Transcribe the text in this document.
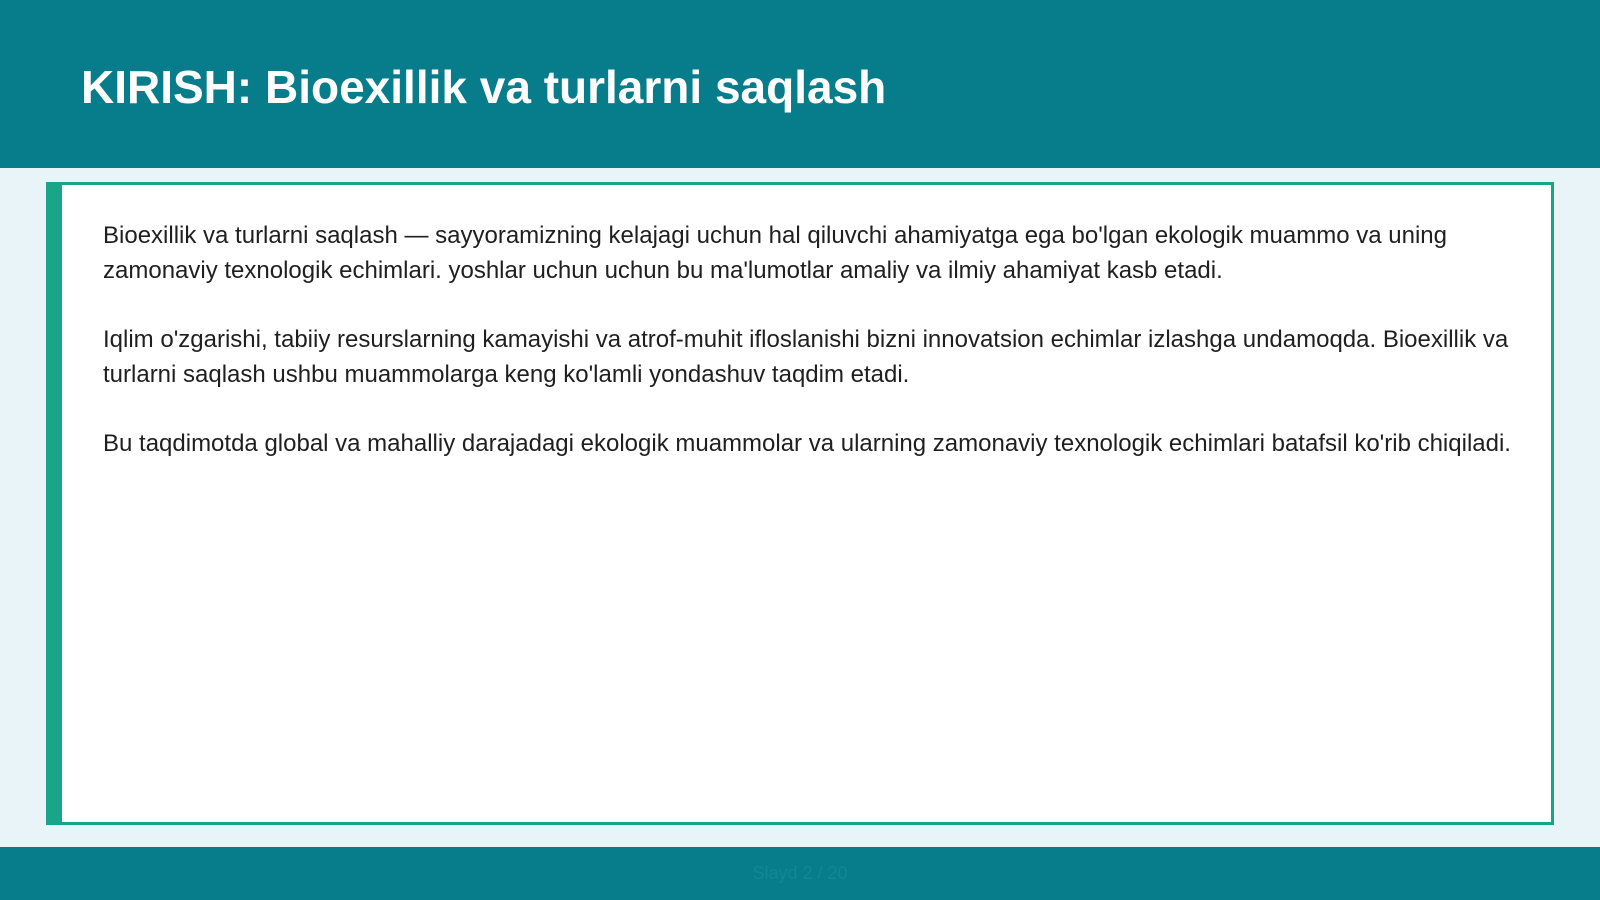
KIRISH: Bioexillik va turlarni saqlash

Bioexillik va turlarni saqlash — sayyoramizning kelajagi uchun hal qiluvchi ahamiyatga ega bo'lgan ekologik muammo va uning zamonaviy texnologik echimlari. yoshlar uchun uchun bu ma'lumotlar amaliy va ilmiy ahamiyat kasb etadi.

Iqlim o'zgarishi, tabiiy resurslarning kamayishi va atrof-muhit ifloslanishi bizni innovatsion echimlar izlashga undamoqda. Bioexillik va turlarni saqlash ushbu muammolarga keng ko'lamli yondashuv taqdim etadi.

Bu taqdimotda global va mahalliy darajadagi ekologik muammolar va ularning zamonaviy texnologik echimlari batafsil ko'rib chiqiladi.

Slayd 2 / 20
